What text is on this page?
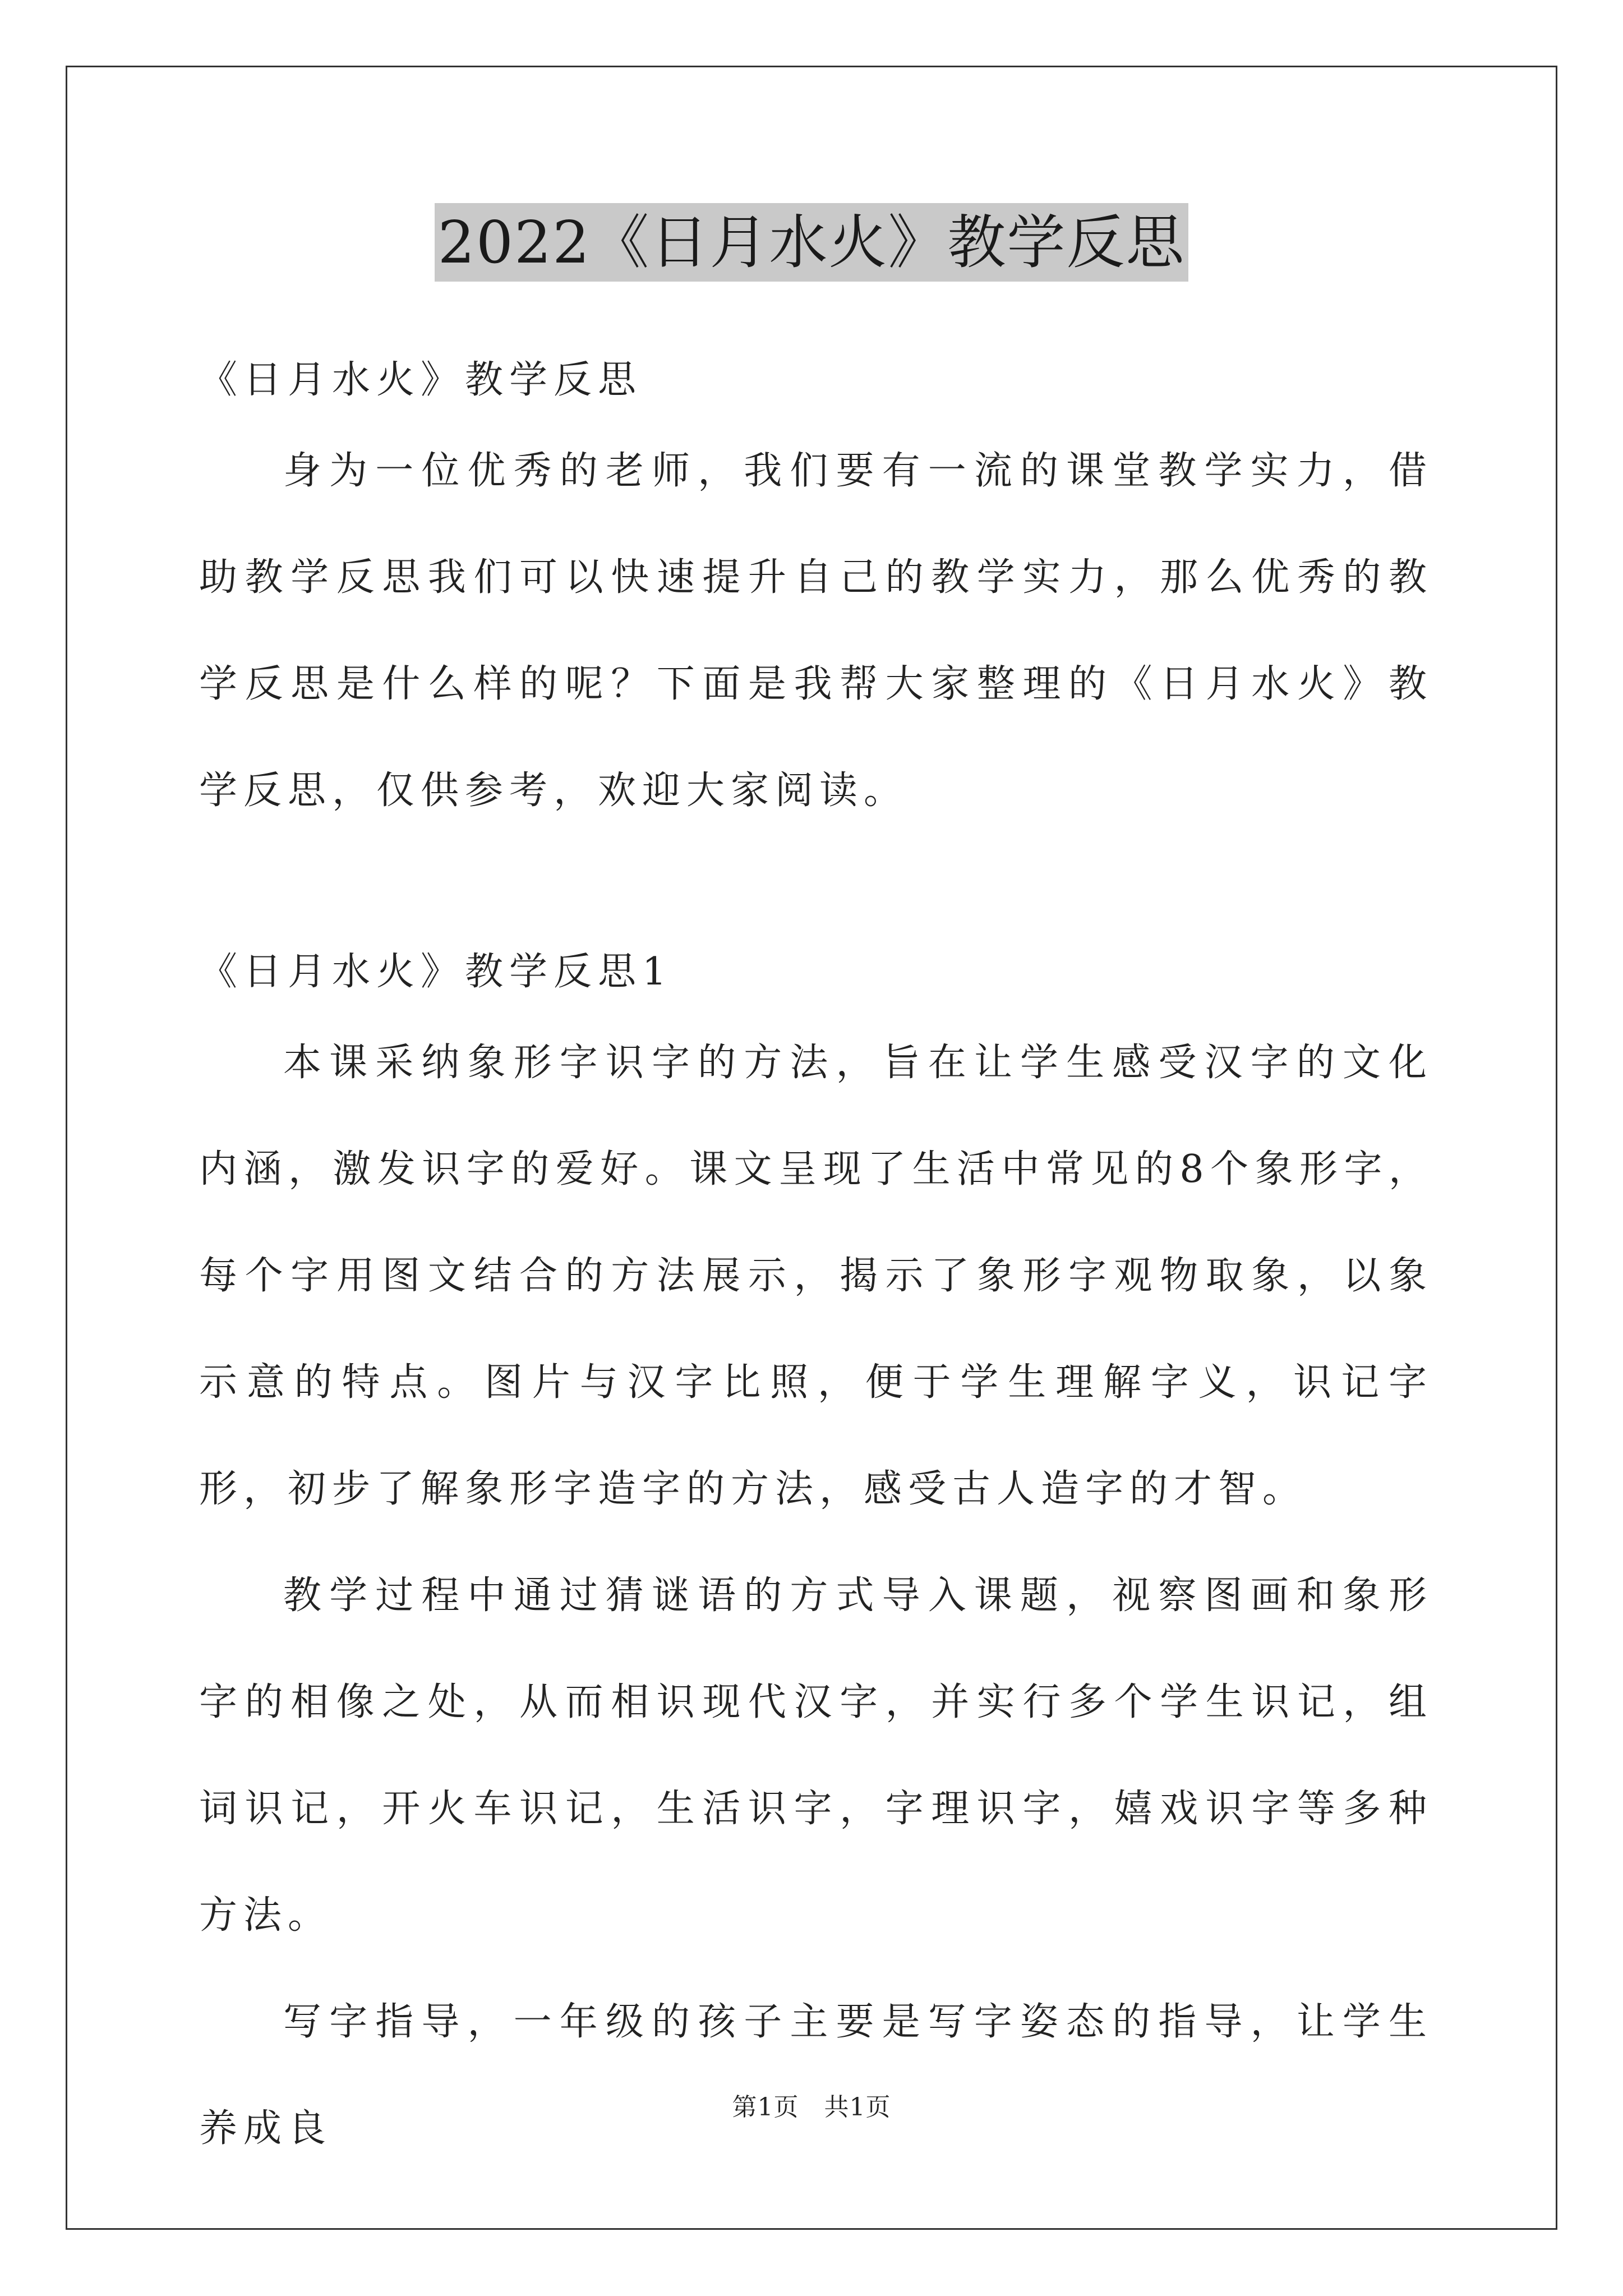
2022《日月水火》教学反思
《日月水火》教学反思

身为一位优秀的老师，我们要有一流的课堂教学实力，借助教学反思我们可以快速提升自己的教学实力，那么优秀的教学反思是什么样的呢？下面是我帮大家整理的《日月水火》教学反思，仅供参考，欢迎大家阅读。

《日月水火》教学反思1

本课采纳象形字识字的方法，旨在让学生感受汉字的文化内涵，激发识字的爱好。课文呈现了生活中常见的8个象形字，每个字用图文结合的方法展示，揭示了象形字观物取象，以象示意的特点。图片与汉字比照，便于学生理解字义，识记字形，初步了解象形字造字的方法，感受古人造字的才智。

教学过程中通过猜谜语的方式导入课题，视察图画和象形字的相像之处，从而相识现代汉字，并实行多个学生识记，组词识记，开火车识记，生活识字，字理识字，嬉戏识字等多种方法。

写字指导，一年级的孩子主要是写字姿态的指导，让学生养成良	第1页　共1页
